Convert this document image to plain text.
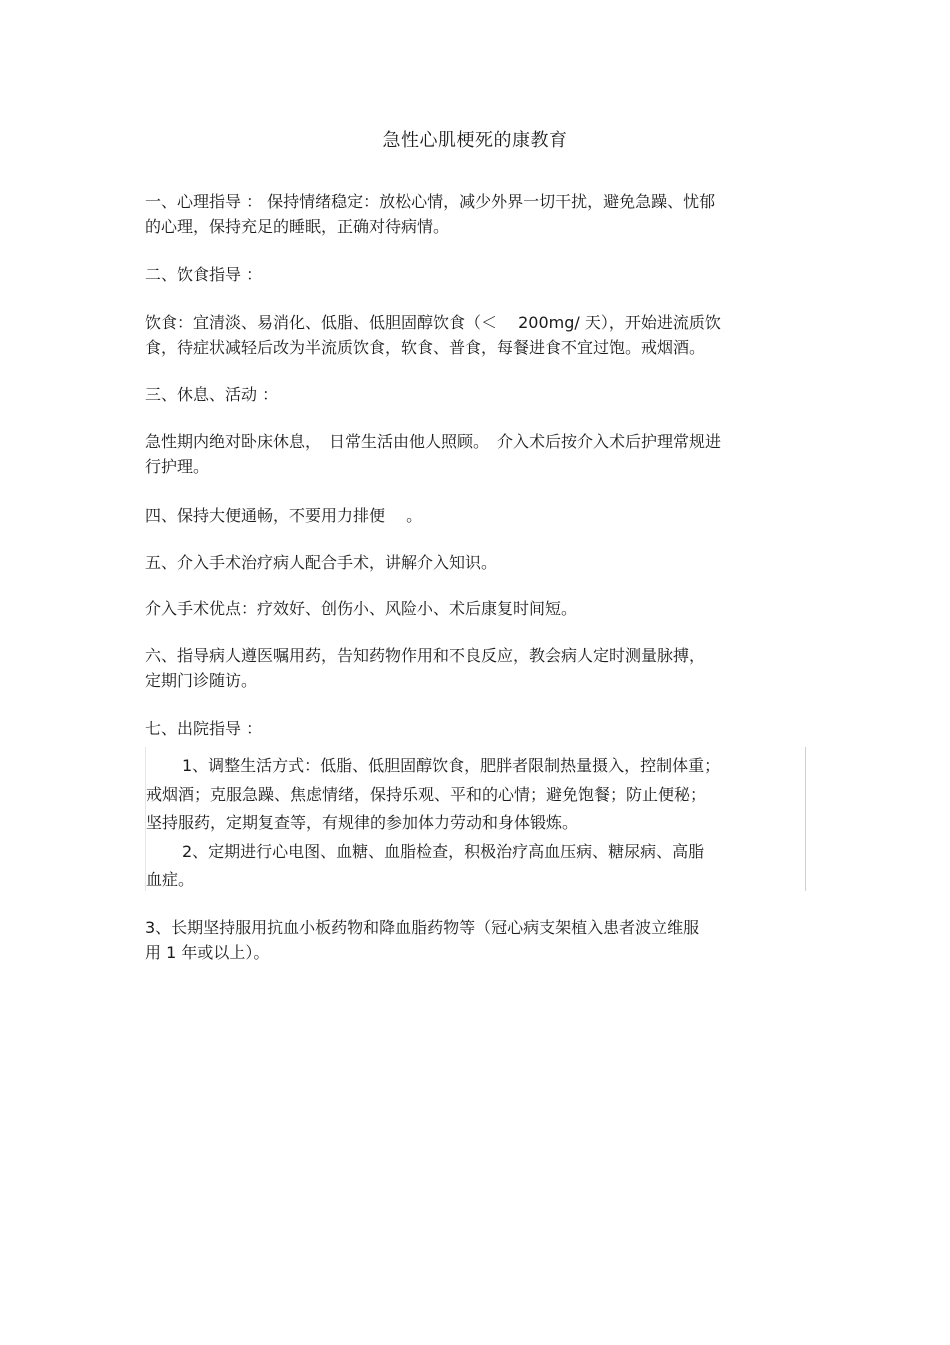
急性心肌梗死的康教育

一、心理指导 ： 保持情绪稳定：放松心情，减少外界一切干扰，避免急躁、忧郁
的心理，保持充足的睡眠，正确对待病情。

二、饮食指导 ：

饮食：宜清淡、易消化、低脂、低胆固醇饮食（＜　 200mg/ 天），开始进流质饮
食，待症状减轻后改为半流质饮食，软食、普食，每餐进食不宜过饱。戒烟酒。

三、休息、活动 ：

急性期内绝对卧床休息，　日常生活由他人照顾。　介入术后按介入术后护理常规进
行护理。

四、保持大便通畅，不要用力排便　 。

五、介入手术治疗病人配合手术，讲解介入知识。

介入手术优点：疗效好、创伤小、风险小、术后康复时间短。

六、指导病人遵医嘱用药，告知药物作用和不良反应，教会病人定时测量脉搏，
定期门诊随访。

七、出院指导 ：

1、调整生活方式：低脂、低胆固醇饮食，肥胖者限制热量摄入，控制体重；
戒烟酒；克服急躁、焦虑情绪，保持乐观、平和的心情；避免饱餐；防止便秘；
坚持服药，定期复查等，有规律的参加体力劳动和身体锻炼。
2、定期进行心电图、血糖、血脂检查，积极治疗高血压病、糖尿病、高脂
血症。

3、长期坚持服用抗血小板药物和降血脂药物等（冠心病支架植入患者波立维服
用 1 年或以上）。
